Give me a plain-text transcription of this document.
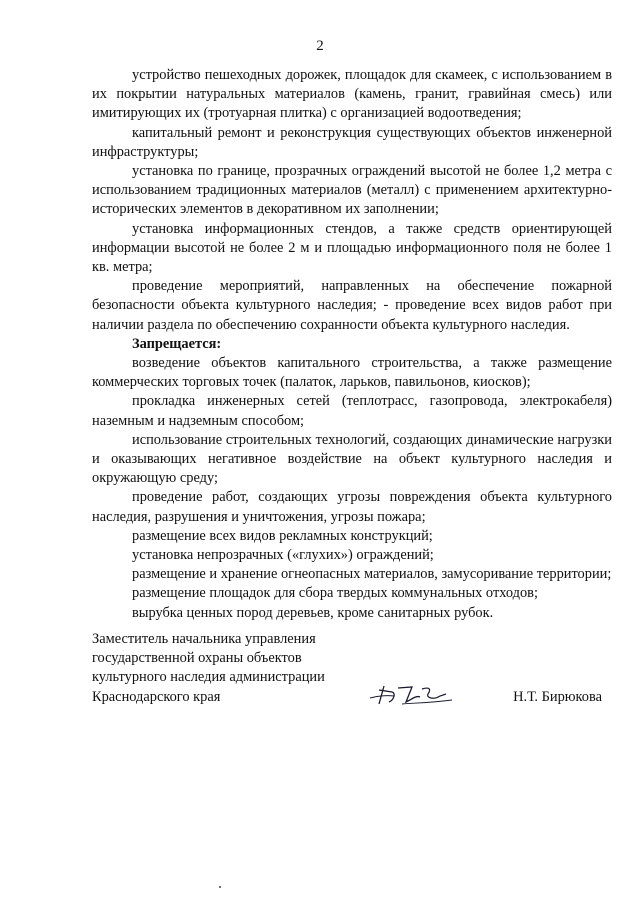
2

устройство пешеходных дорожек, площадок для скамеек, с использованием в их покрытии натуральных материалов (камень, гранит, гравийная смесь) или имитирующих их (тротуарная плитка) с организацией водоотведения;

капитальный ремонт и реконструкция существующих объектов инженерной инфраструктуры;

установка по границе, прозрачных ограждений высотой не более 1,2 метра с использованием традиционных материалов (металл) с применением архитектурно-исторических элементов в декоративном их заполнении;

установка информационных стендов, а также средств ориентирующей информации высотой не более 2 м и площадью информационного поля не более 1 кв. метра;

проведение мероприятий, направленных на обеспечение пожарной безопасности объекта культурного наследия; - проведение всех видов работ при наличии раздела по обеспечению сохранности объекта культурного наследия.

Запрещается:

возведение объектов капитального строительства, а также размещение коммерческих торговых точек (палаток, ларьков, павильонов, киосков);

прокладка инженерных сетей (теплотрасс, газопровода, электрокабеля) наземным и надземным способом;

использование строительных технологий, создающих динамические нагрузки и оказывающих негативное воздействие на объект культурного наследия и окружающую среду;

проведение работ, создающих угрозы повреждения объекта культурного наследия, разрушения и уничтожения, угрозы пожара;

размещение всех видов рекламных конструкций;

установка непрозрачных («глухих») ограждений;

размещение и хранение огнеопасных материалов, замусоривание территории;

размещение площадок для сбора твердых коммунальных отходов;

вырубка ценных пород деревьев, кроме санитарных рубок.

Заместитель начальника управления
государственной охраны объектов
культурного наследия администрации
Краснодарского края	Н.Т. Бирюкова
